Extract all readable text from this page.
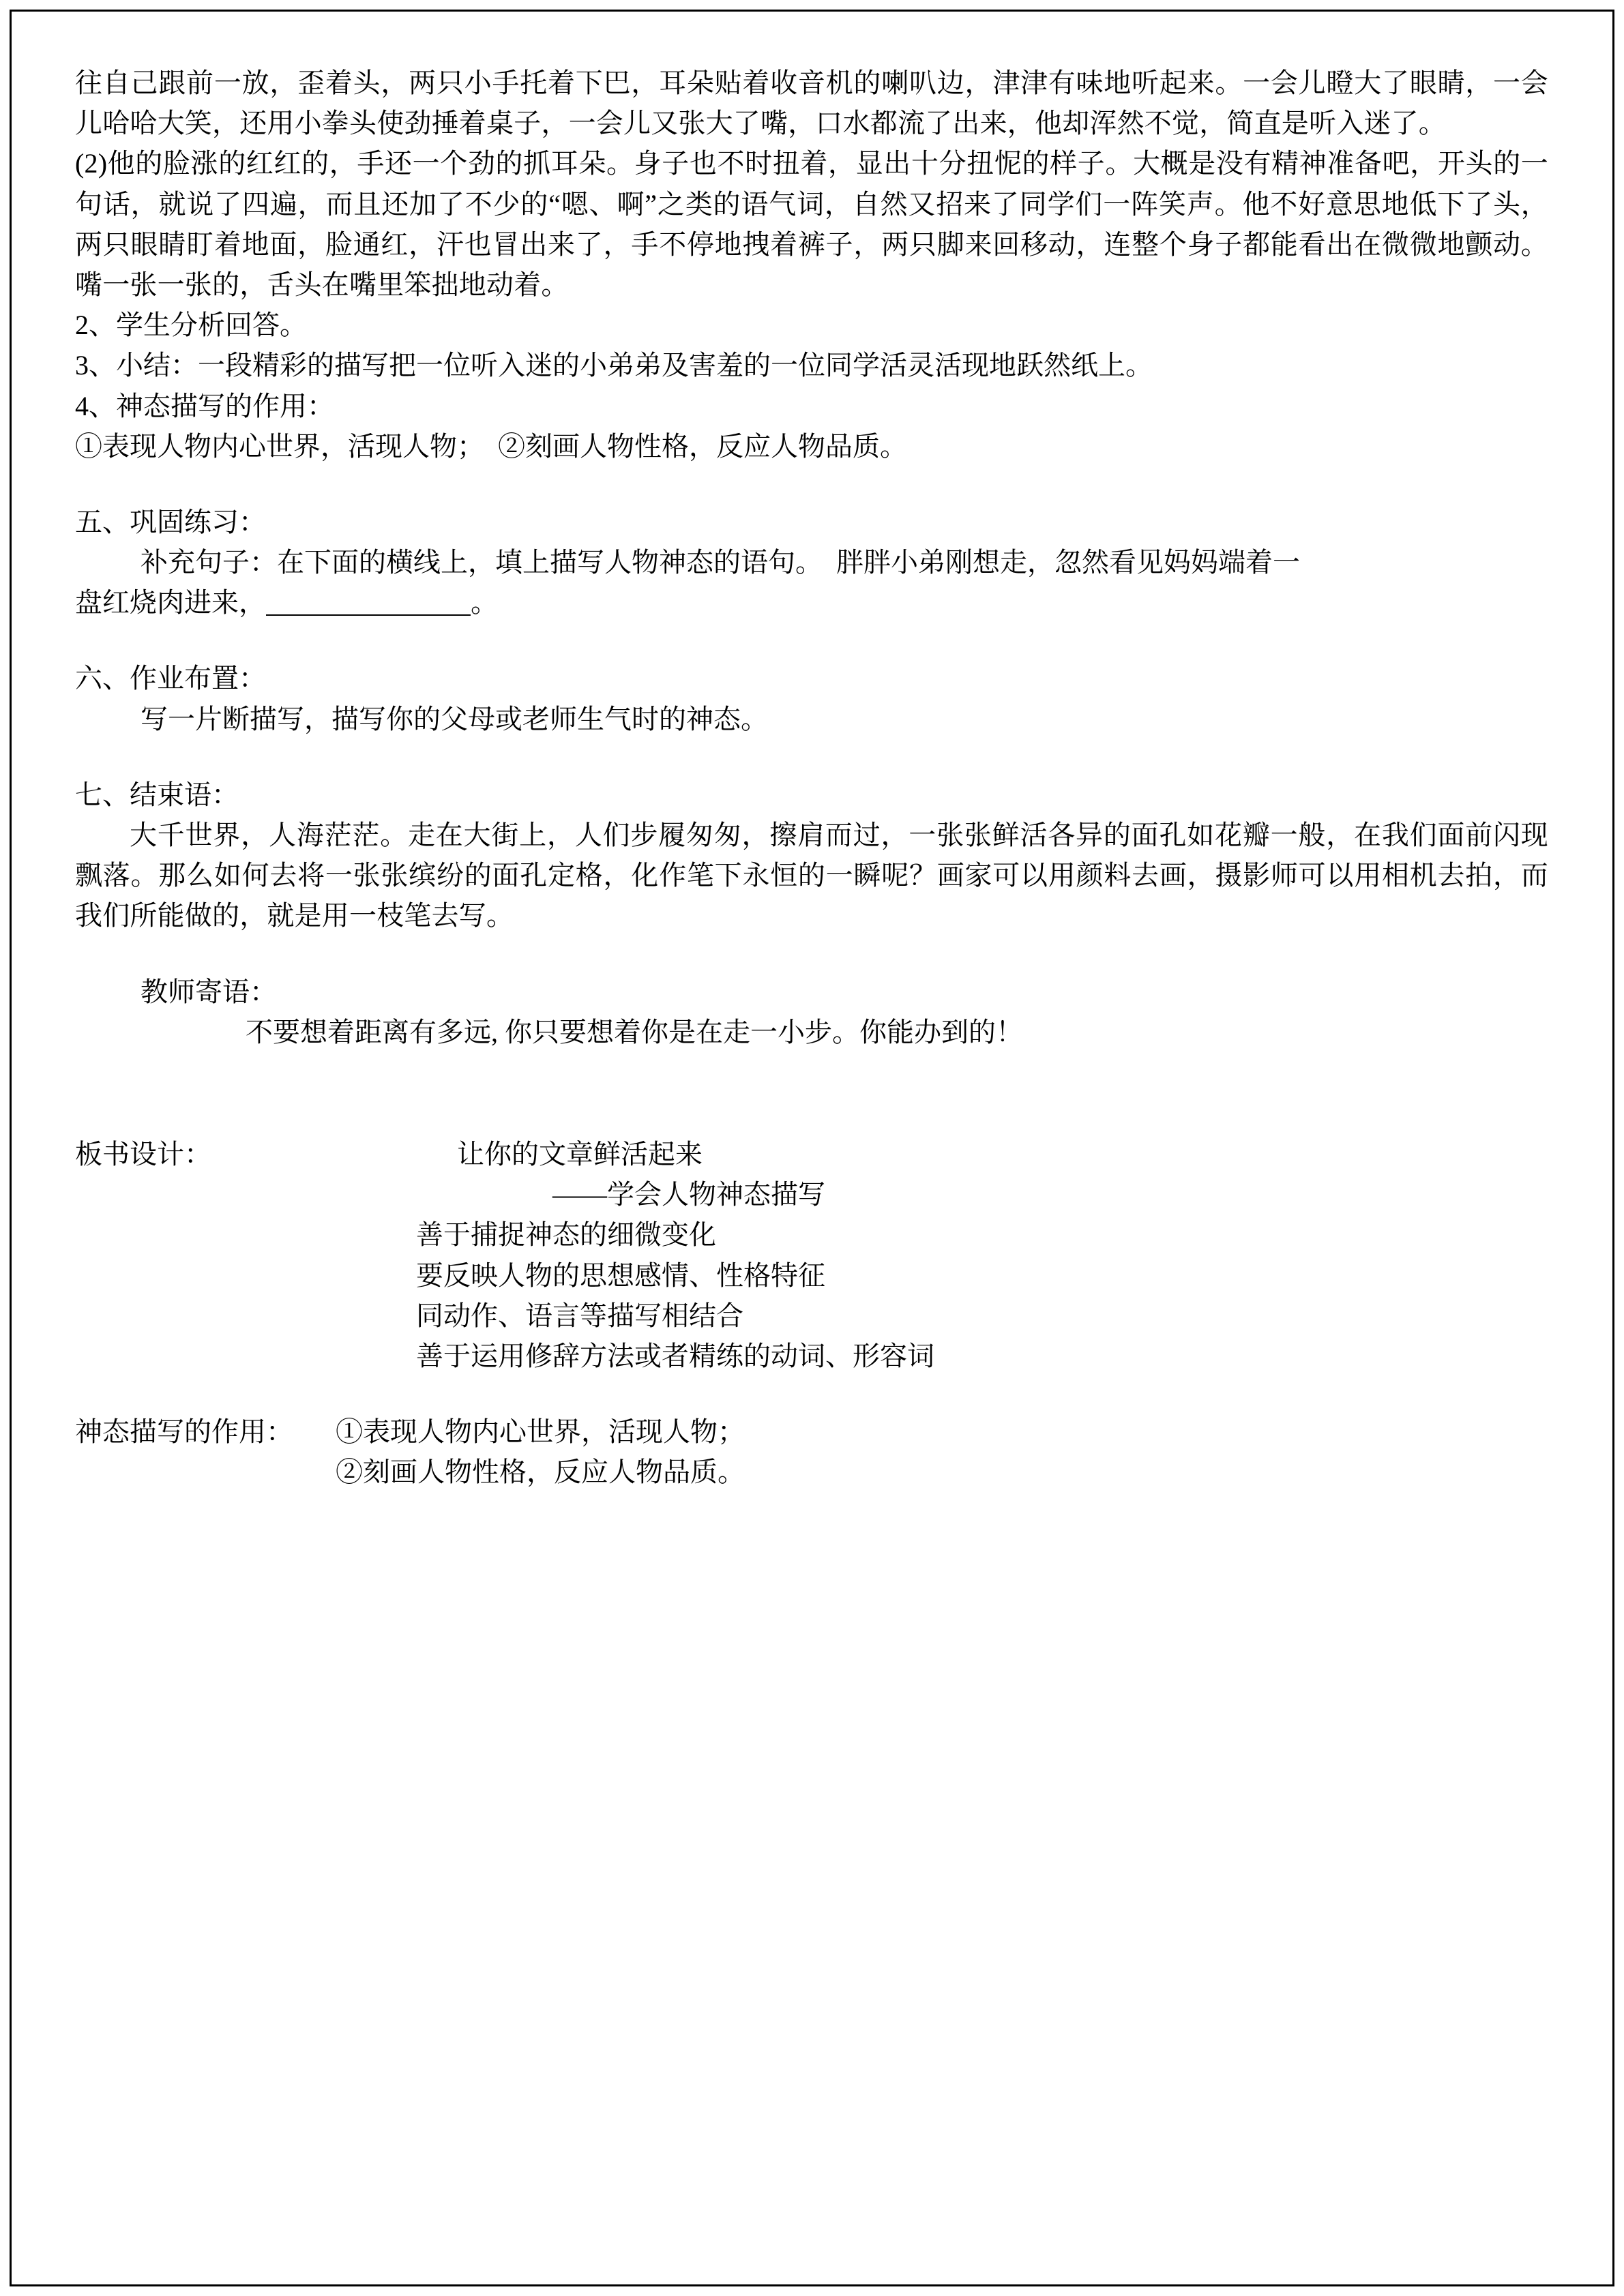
往自己跟前一放，歪着头，两只小手托着下巴，耳朵贴着收音机的喇叭边，津津有味地听起来。一会儿瞪大了眼睛，一会儿哈哈大笑，还用小拳头使劲捶着桌子，一会儿又张大了嘴，口水都流了出来，他却浑然不觉，简直是听入迷了。

(2)他的脸涨的红红的，手还一个劲的抓耳朵。身子也不时扭着，显出十分扭怩的样子。大概是没有精神准备吧，开头的一句话，就说了四遍，而且还加了不少的“嗯、啊”之类的语气词，自然又招来了同学们一阵笑声。他不好意思地低下了头，两只眼睛盯着地面，脸通红，汗也冒出来了，手不停地拽着裤子，两只脚来回移动，连整个身子都能看出在微微地颤动。嘴一张一张的，舌头在嘴里笨拙地动着。

2、学生分析回答。
3、小结：一段精彩的描写把一位听入迷的小弟弟及害羞的一位同学活灵活现地跃然纸上。
4、神态描写的作用：
①表现人物内心世界，活现人物；　②刻画人物性格，反应人物品质。
五、巩固练习：
补充句子：在下面的横线上，填上描写人物神态的语句。　胖胖小弟刚想走，忽然看见妈妈端着一
盘红烧肉进来，	。
六、作业布置：
写一片断描写，描写你的父母或老师生气时的神态。
七、结束语：

大千世界，人海茫茫。走在大街上，人们步履匆匆，擦肩而过，一张张鲜活各异的面孔如花瓣一般，在我们面前闪现飘落。那么如何去将一张张缤纷的面孔定格，化作笔下永恒的一瞬呢？画家可以用颜料去画，摄影师可以用相机去拍，而我们所能做的，就是用一枝笔去写。

教师寄语：
不要想着距离有多远, 你只要想着你是在走一小步。你能办到的！
板书设计：	让你的文章鲜活起来
——学会人物神态描写
善于捕捉神态的细微变化
要反映人物的思想感情、性格特征
同动作、语言等描写相结合
善于运用修辞方法或者精练的动词、形容词
神态描写的作用：	①表现人物内心世界，活现人物；
②刻画人物性格，反应人物品质。
